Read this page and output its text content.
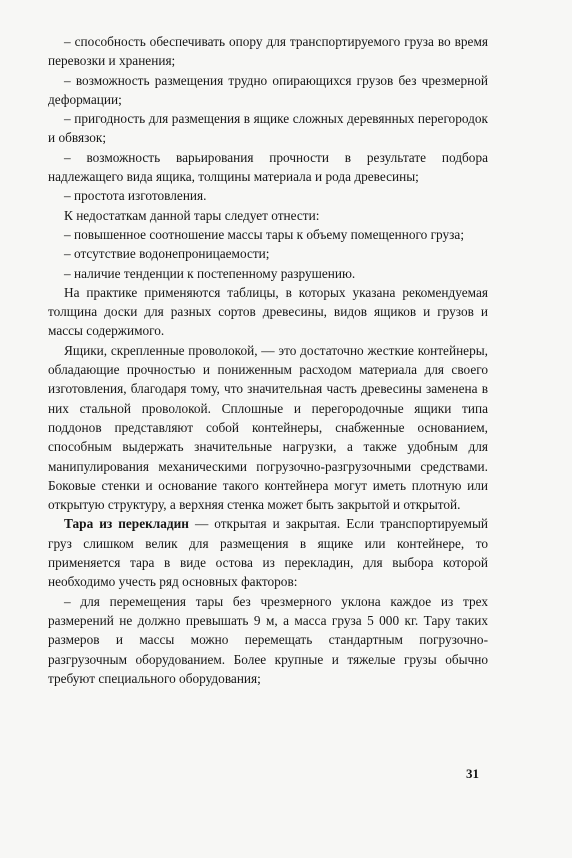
– способность обеспечивать опору для транспортируемого груза во время перевозки и хранения;

– возможность размещения трудно опирающихся грузов без чрезмерной деформации;

– пригодность для размещения в ящике сложных деревянных перегородок и обвязок;

– возможность варьирования прочности в результате подбора надлежащего вида ящика, толщины материала и рода древесины;

– простота изготовления.

К недостаткам данной тары следует отнести:

– повышенное соотношение массы тары к объему помещенного груза;

– отсутствие водонепроницаемости;

– наличие тенденции к постепенному разрушению.

На практике применяются таблицы, в которых указана рекомендуемая толщина доски для разных сортов древесины, видов ящиков и грузов и массы содержимого.

Ящики, скрепленные проволокой, — это достаточно жесткие контейнеры, обладающие прочностью и пониженным расходом материала для своего изготовления, благодаря тому, что значительная часть древесины заменена в них стальной проволокой. Сплошные и перегородочные ящики типа поддонов представляют собой контейнеры, снабженные основанием, способным выдержать значительные нагрузки, а также удобным для манипулирования механическими погрузочно-разгрузочными средствами. Боковые стенки и основание такого контейнера могут иметь плотную или открытую структуру, а верхняя стенка может быть закрытой и открытой.

Тара из перекладин — открытая и закрытая. Если транспортируемый груз слишком велик для размещения в ящике или контейнере, то применяется тара в виде остова из перекладин, для выбора которой необходимо учесть ряд основных факторов:

– для перемещения тары без чрезмерного уклона каждое из трех размерений не должно превышать 9 м, а масса груза 5 000 кг. Тару таких размеров и массы можно перемещать стандартным погрузочно-разгрузочным оборудованием. Более крупные и тяжелые грузы обычно требуют специального оборудования;

31
